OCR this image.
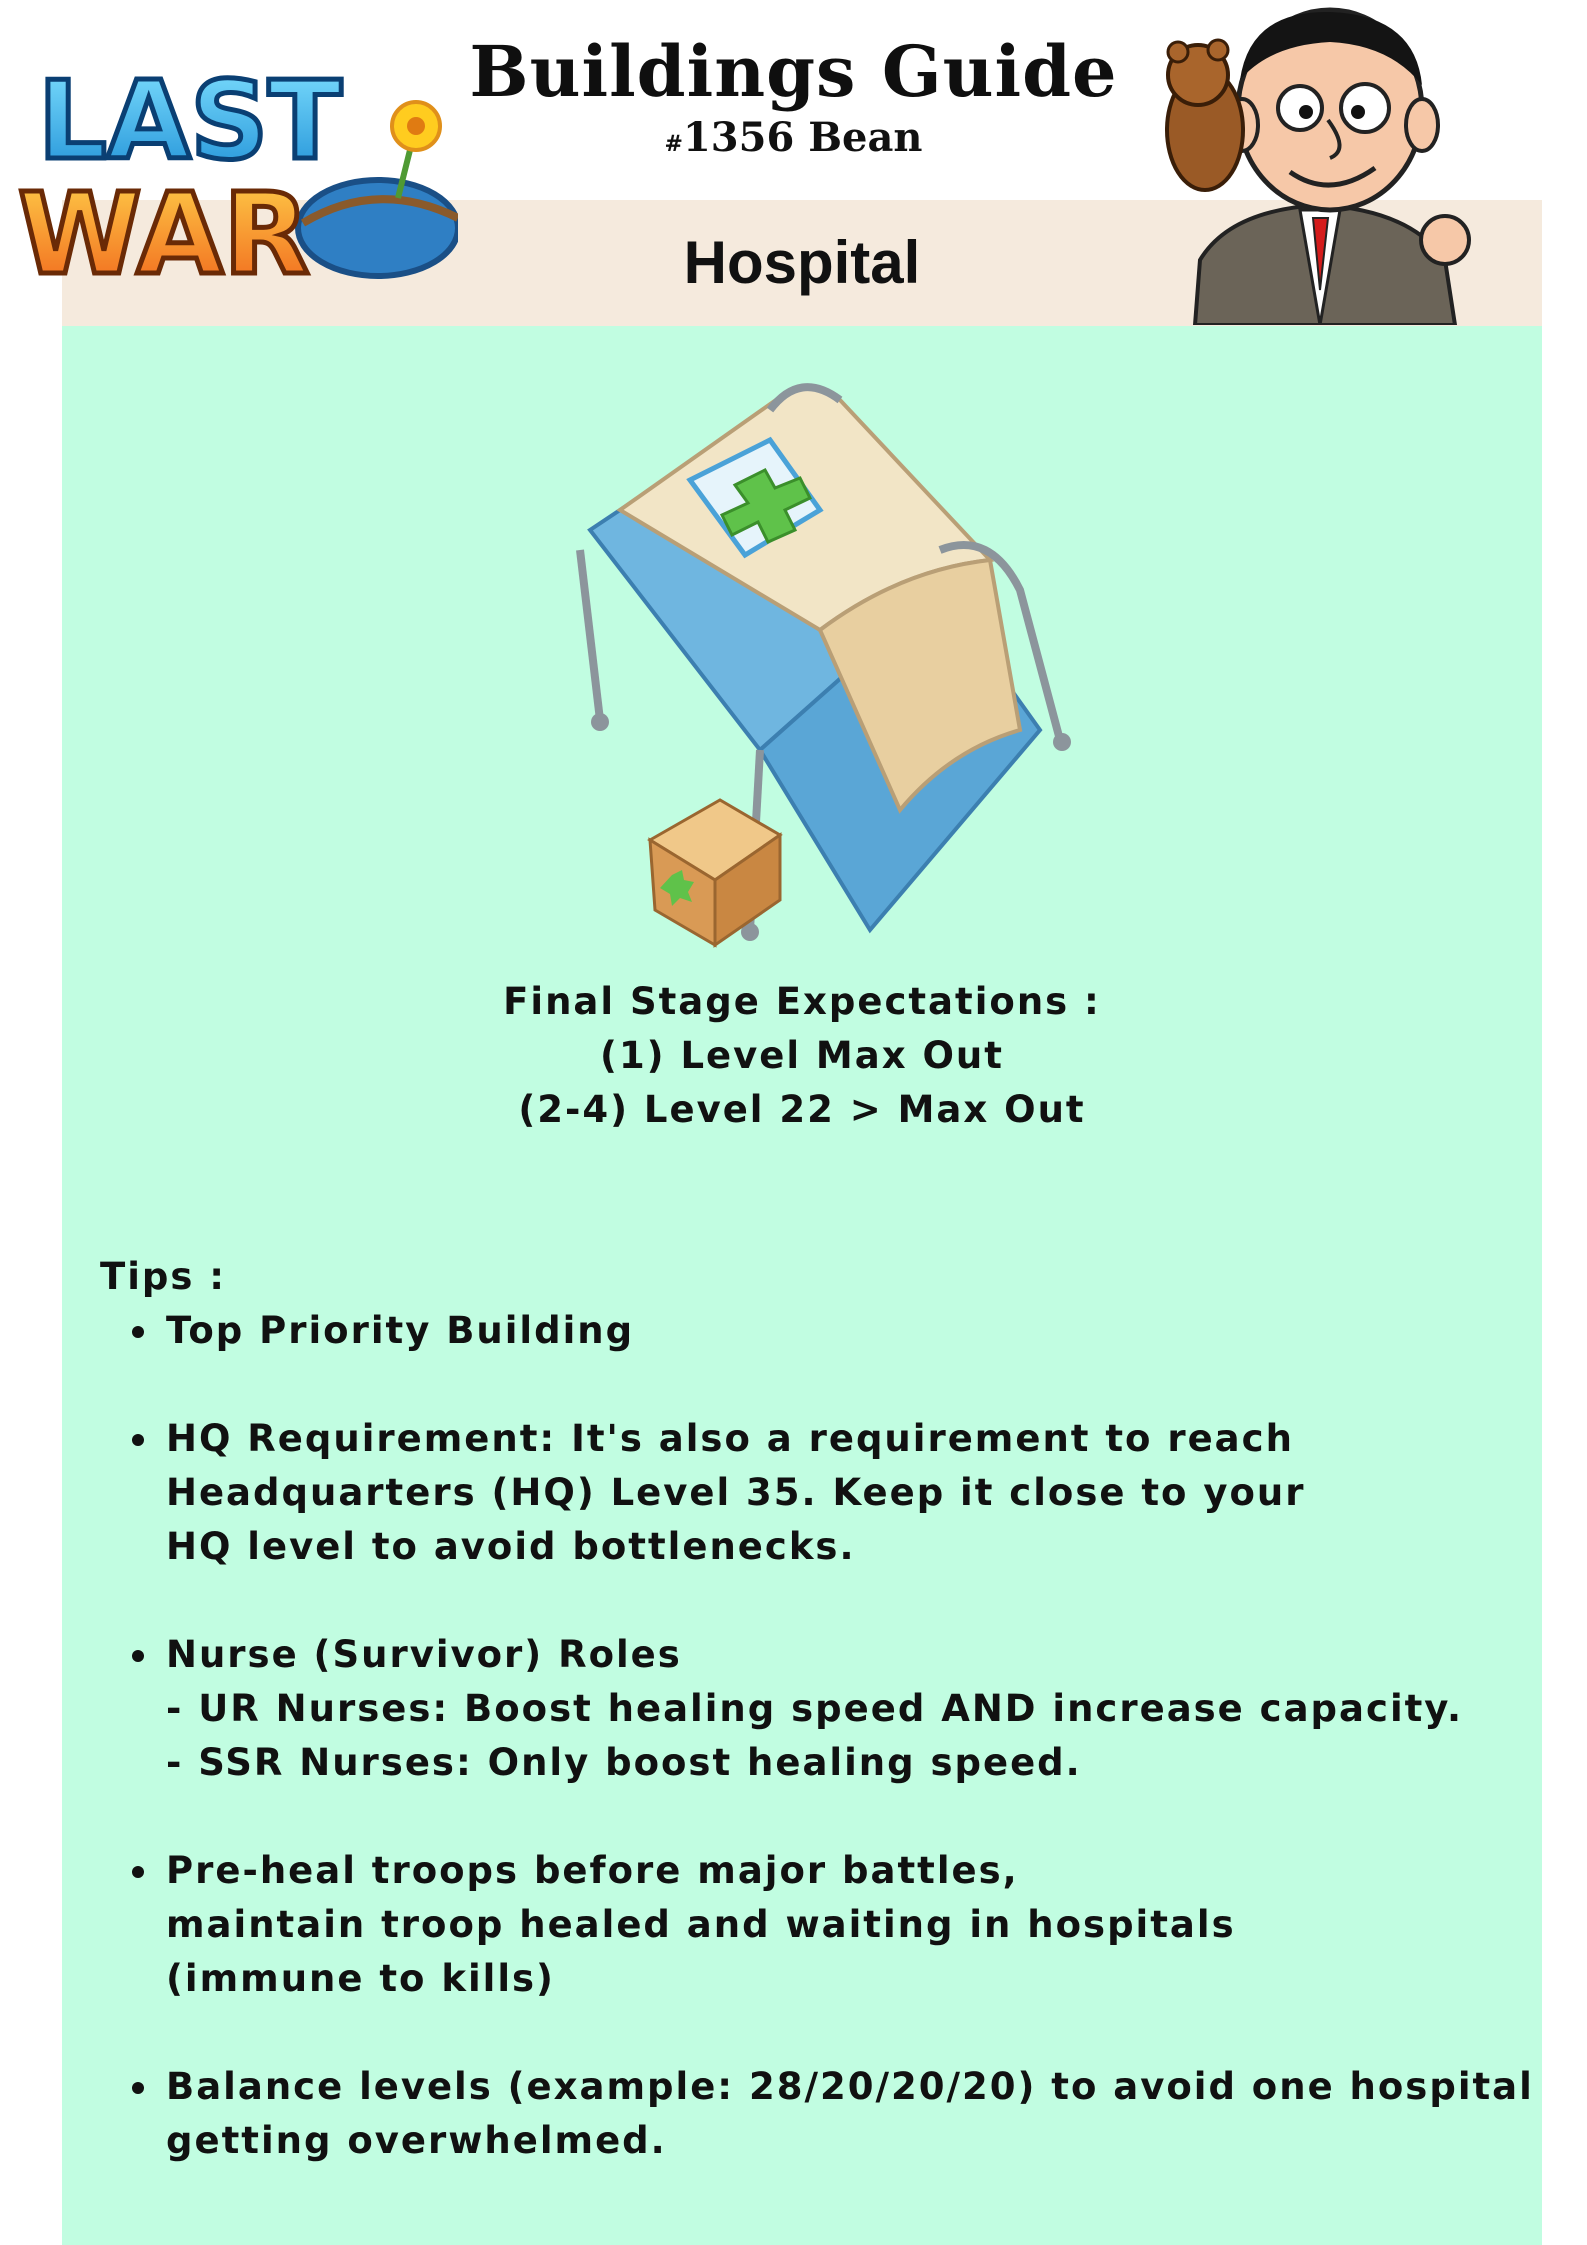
Buildings Guide
#1356 Bean
Hospital
LAST
WAR
Final Stage Expectations :
(1) Level Max Out
(2-4) Level 22 > Max Out
Tips :
Top Priority Building
HQ Requirement: It's also a requirement to reach
Headquarters (HQ) Level 35. Keep it close to your
HQ level to avoid bottlenecks.
Nurse (Survivor) Roles
- UR Nurses: Boost healing speed AND increase capacity.
- SSR Nurses: Only boost healing speed.
Pre-heal troops before major battles,
maintain troop healed and waiting in hospitals
(immune to kills)
Balance levels (example: 28/20/20/20) to avoid one hospital
getting overwhelmed.
